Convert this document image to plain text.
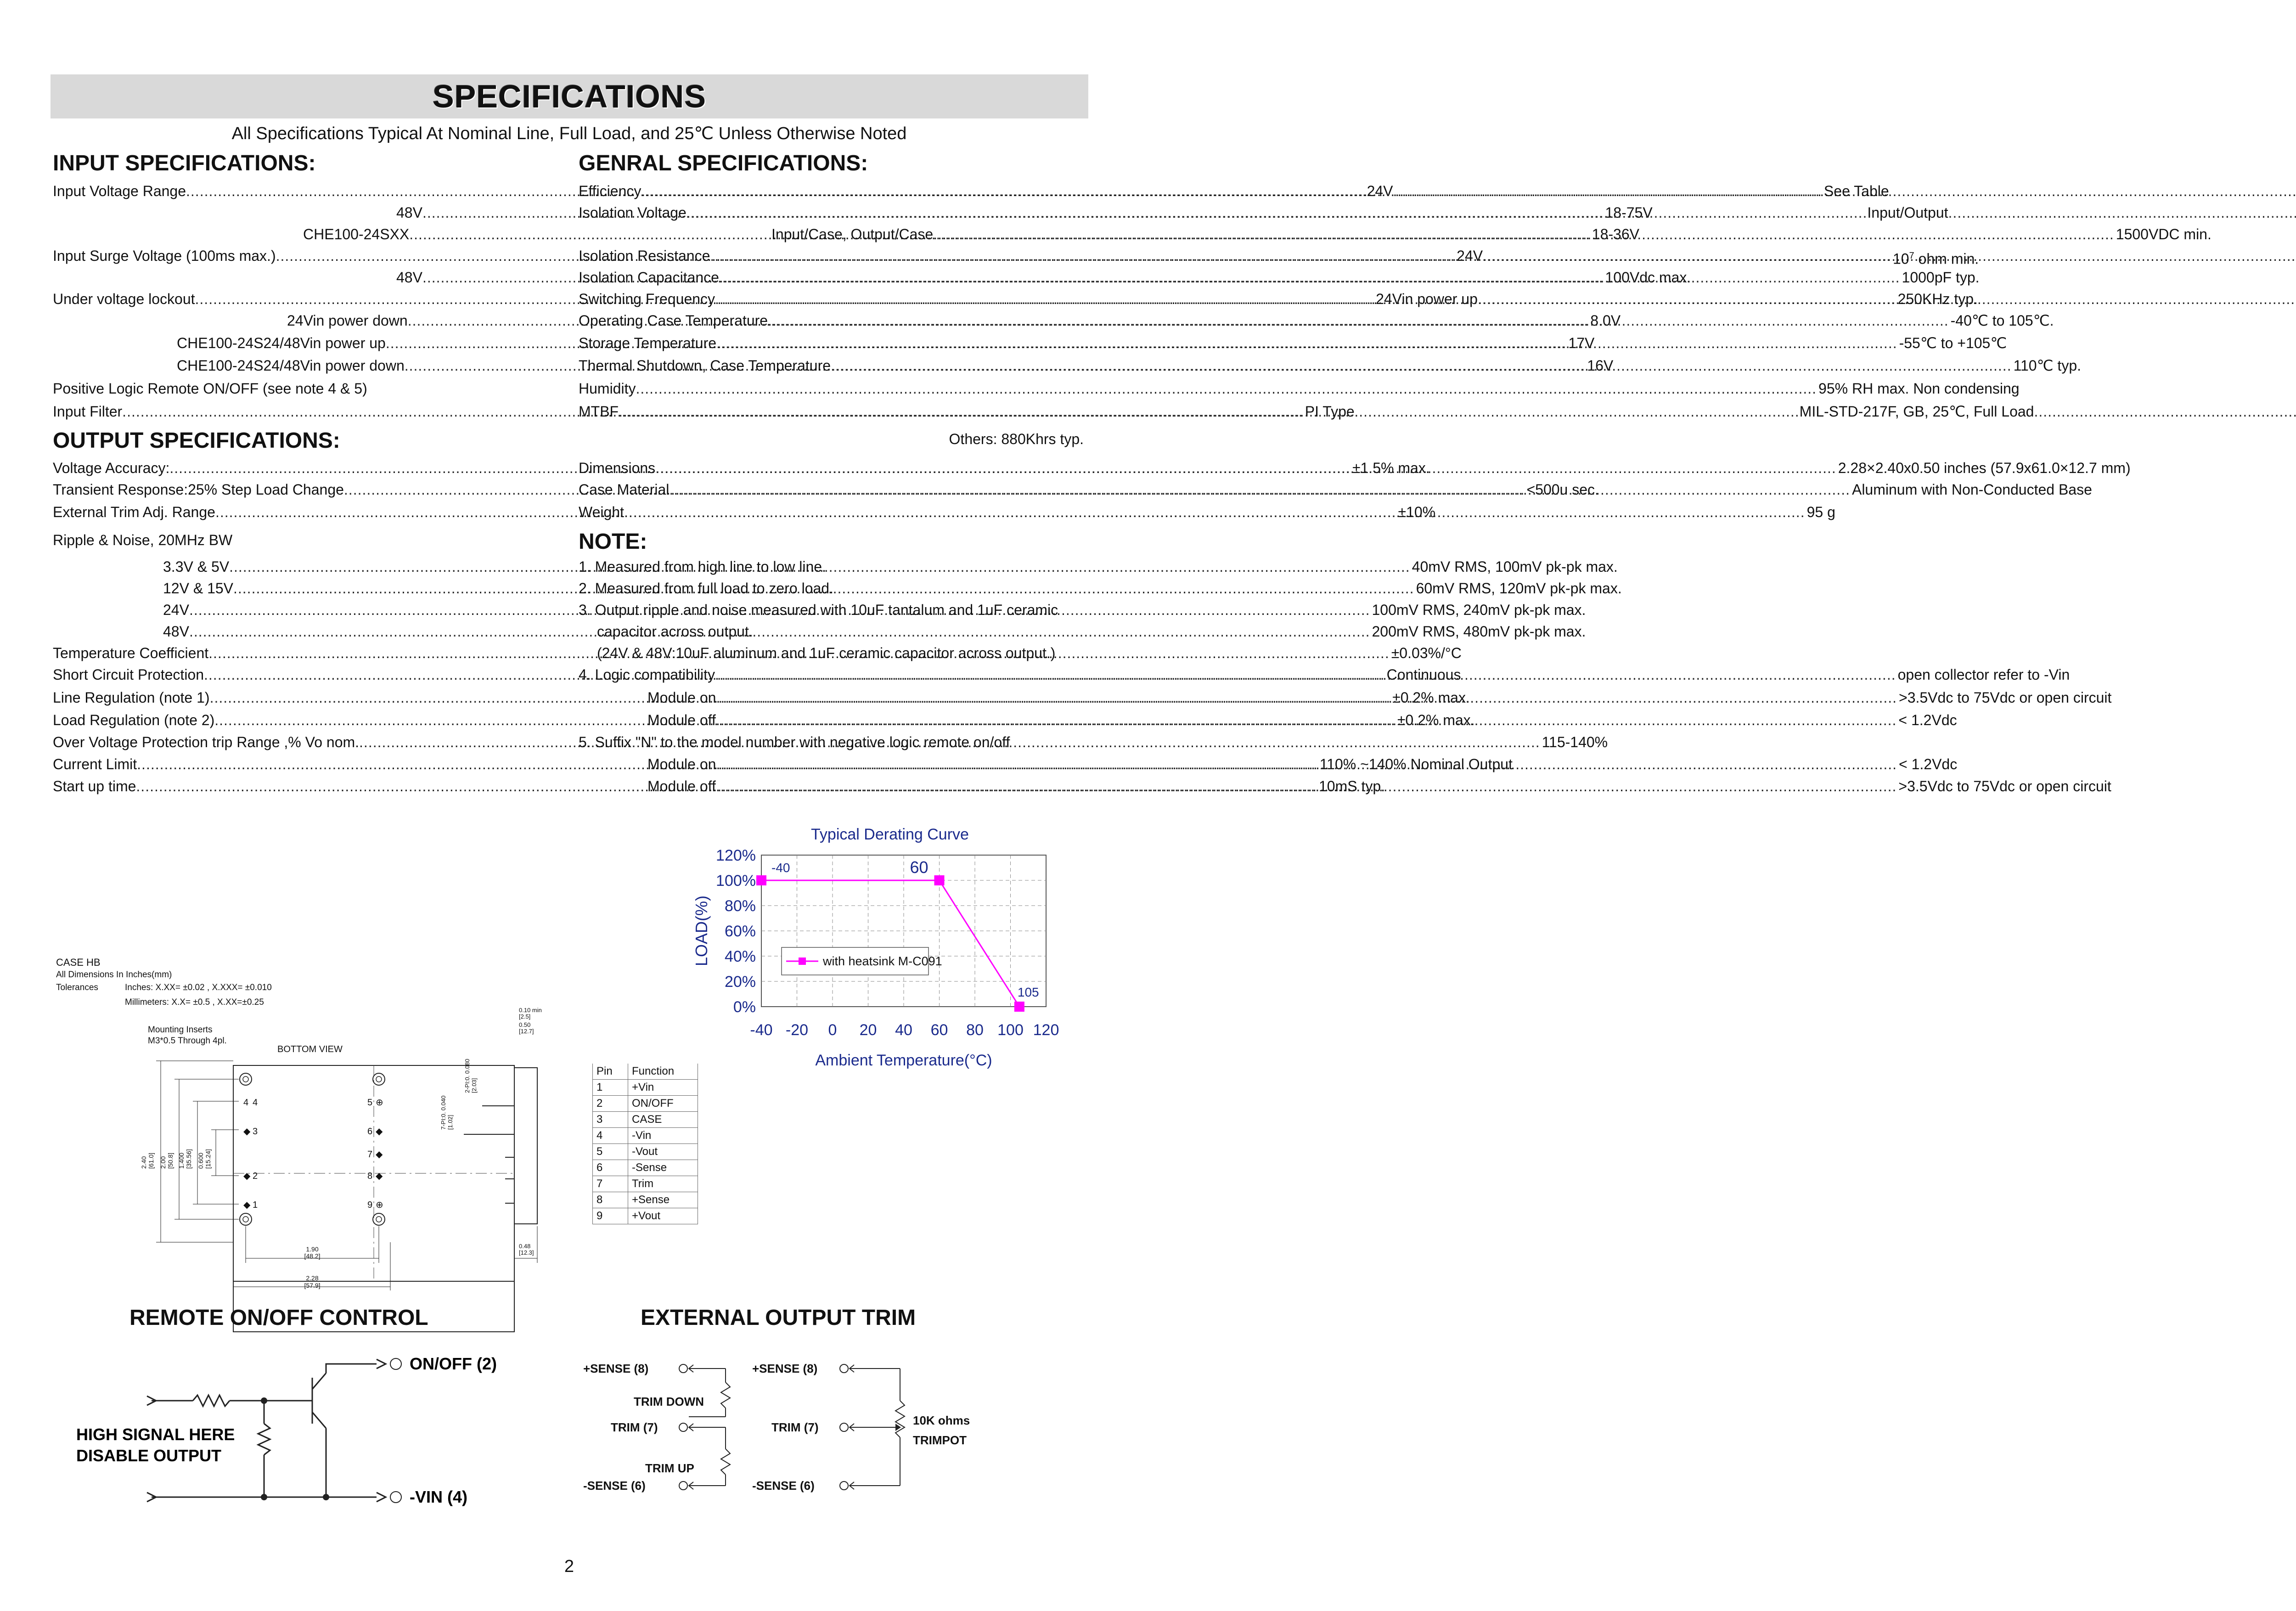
SPECIFICATIONS
All Specifications Typical At Nominal Line, Full Load, and 25℃ Unless Otherwise Noted
INPUT SPECIFICATIONS:
Input Voltage Range .....	24V
.....
48V .....	18-75V
CHE100-24SXX .....	18-36V
Input Surge Voltage (100ms max.) .....	24V
.....
48V .....	100Vdc max.
Under voltage lockout .....	24Vin power up
.....
24Vin power down .....	8.0V
CHE100-24S24/48Vin power up .....	17V
CHE100-24S24/48Vin power down .....	16V
Positive Logic Remote ON/OFF (see note 4 & 5)
Input Filter .....	PI Type
OUTPUT SPECIFICATIONS:
Voltage Accuracy: .....	±1.5% max.
Transient Response:25% Step Load Change .....	<500u sec.
External Trim Adj. Range .....	±10%
Ripple & Noise, 20MHz BW
3.3V & 5V .....	40mV RMS, 100mV pk-pk max.
12V & 15V .....	60mV RMS, 120mV pk-pk max.
24V .....	100mV RMS, 240mV pk-pk max.
48V .....	200mV RMS, 480mV pk-pk max.
Temperature Coefficient .....	±0.03%/°C
Short Circuit Protection .....	Continuous
Line Regulation (note 1) .....	±0.2% max.
Load Regulation (note 2) .....	±0.2% max.
Over Voltage Protection trip Range ,% Vo nom. .....	115-140%
Current Limit .....	110% ~140% Nominal Output
Start up time .....	10mS typ.
GENRAL SPECIFICATIONS:
Efficiency .....	See Table
Isolation Voltage .....	Input/Output
.....
Input/Case, Output/Case .....	1500VDC min.
Isolation Resistance .....	$10^7$ ohm min.
Isolation Capacitance .....	1000pF typ.
Switching Frequency .....	250KHz typ.
Operating Case Temperature .....	-40℃ to 105℃.
Storage Temperature .....	-55℃ to +105℃
Thermal Shutdown, Case Temperature .....	110℃ typ.
Humidity .....	95% RH max. Non condensing
MTBF .....	MIL-STD-217F, GB, 25℃, Full Load
.....
Others: 880Khrs typ.
Dimensions .....	2.28×2.40x0.50 inches (57.9x61.0×12.7 mm)
Case Material .....	Aluminum with Non-Conducted Base
Weight .....	95 g
NOTE:
1. Measured from high line to low line.
2. Measured from full load to zero load.
3. Output ripple and noise measured with 10uF tantalum and 1uF ceramic
capacitor across output.
(24V & 48V:10uF aluminum and 1uF ceramic capacitor across output.)
4. Logic compatibility .....	open collector refer to -Vin
Module on .....	>3.5Vdc to 75Vdc or open circuit
Module off .....	< 1.2Vdc
5. Suffix "N" to the model number with negative logic remote on/off
Module on .....	< 1.2Vdc
Module off .....	>3.5Vdc to 75Vdc or open circuit
Typical Derating Curve
0%
20%
40%
60%
80%
100%
120%
-40 -20 0 20 40 60 80 100 120
LOAD(%)
Ambient Temperature(°C)
-40	60
105
with heatsink M-C091
CASE HB
All Dimensions In Inches(mm)
Tolerances	Inches: X.XX= ±0.02 , X.XXX= ±0.010
Millimeters: X.X= ±0.5 , X.XX=±0.25
Mounting Inserts
M3*0.5 Through 4pl.
BOTTOM VIEW
4 4
◆ 3
◆ 2
◆ 1
5 ⊕
6 ◆
7 ◆
8 ◆
9 ⊕
2.40 [61.0] 2.00 [50.8] 1.400 [35.56] 0.600 [15.24]
1.90
[48.2]
2.28
[57.9]
7-PI:0. 0.040 [1.02]
2-PI:0. 0.080 [2.03]
0.10 min
[2.5]
0.50
[12.7]
0.48
[12.3]
Pin	Function
1	+Vin
2	ON/OFF
3	CASE
4	-Vin
5	-Vout
6	-Sense
7	Trim
8	+Sense
9	+Vout
REMOTE ON/OFF CONTROL
ON/OFF (2)
-VIN (4)
HIGH SIGNAL HERE
DISABLE OUTPUT
EXTERNAL OUTPUT TRIM
+SENSE (8)
TRIM DOWN
TRIM (7)
TRIM UP
-SENSE (6)
+SENSE (8)
TRIM (7)
-SENSE (6)
10K ohms
TRIMPOT
2
